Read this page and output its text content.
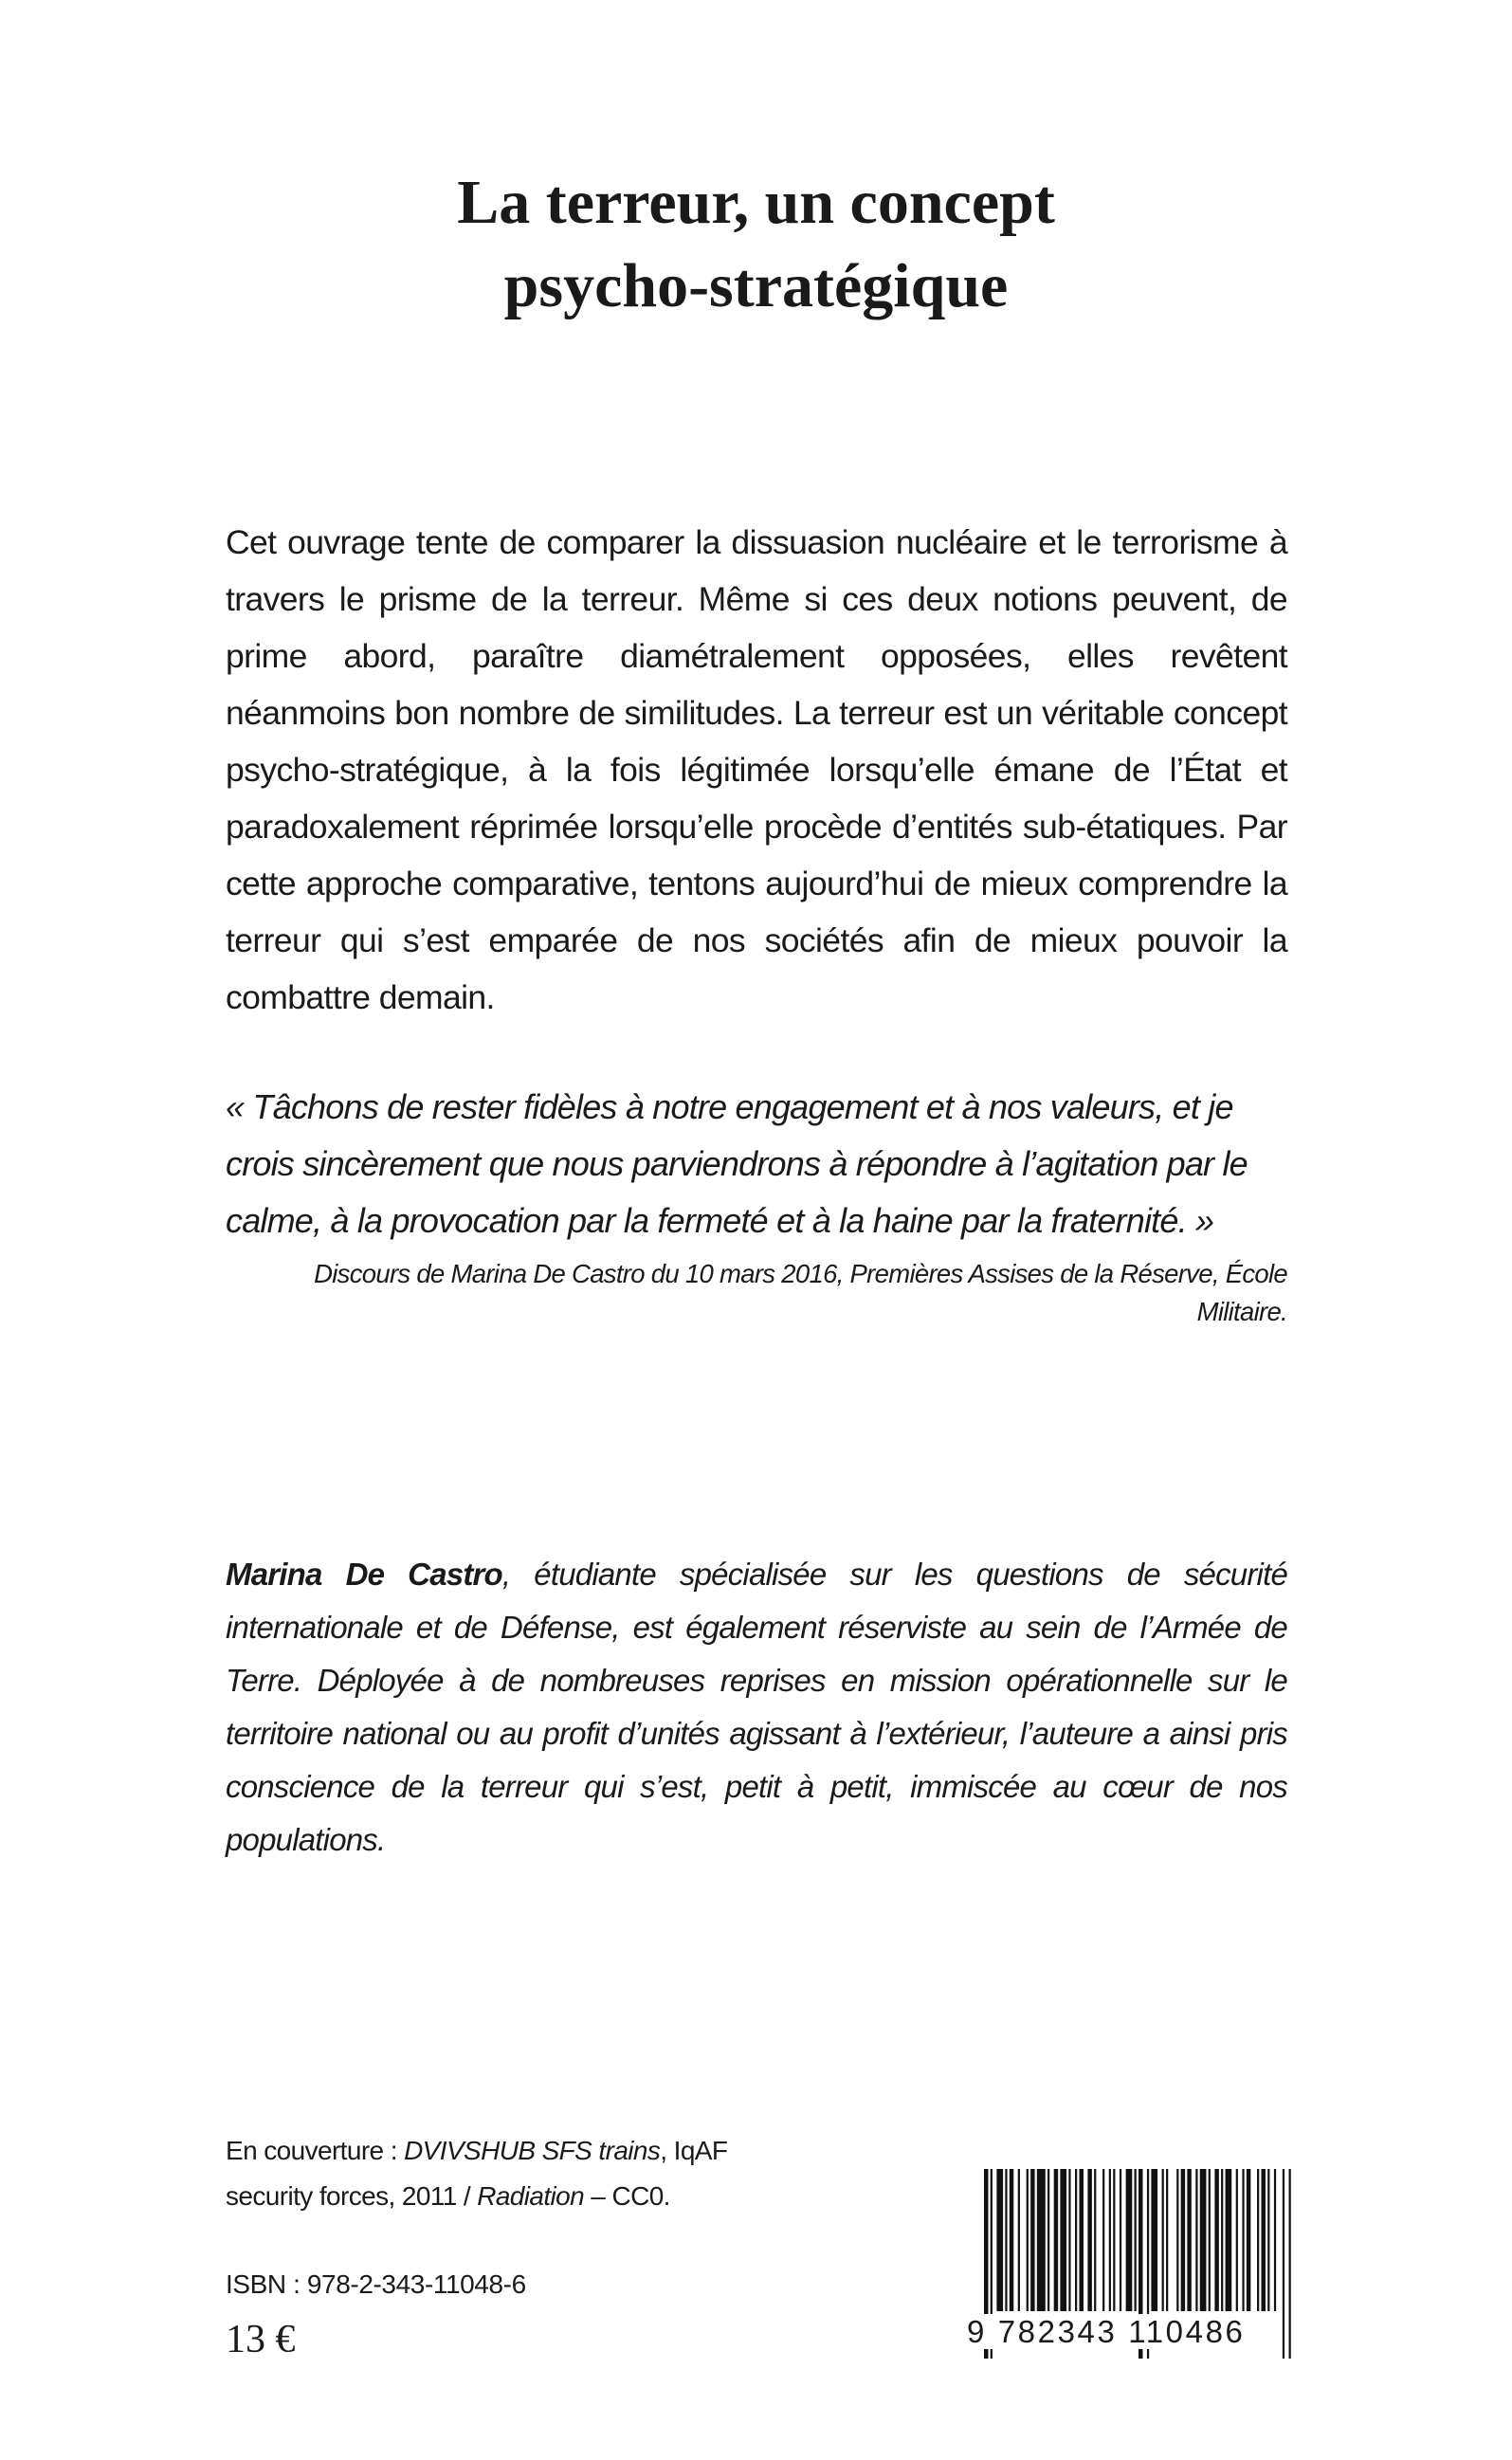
La terreur, un concept
psycho-stratégique

Cet ouvrage tente de comparer la dissuasion nucléaire et le terrorisme à travers le prisme de la terreur. Même si ces deux notions peuvent, de prime abord, paraître diamétralement opposées, elles revêtent néanmoins bon nombre de similitudes. La terreur est un véritable concept psycho-stratégique, à la fois légitimée lorsqu’elle émane de l’État et paradoxalement réprimée lorsqu’elle procède d’entités sub-étatiques. Par cette approche comparative, tentons aujourd’hui de mieux comprendre la terreur qui s’est emparée de nos sociétés afin de mieux pouvoir la combattre demain.

« Tâchons de rester fidèles à notre engagement et à nos valeurs, et je crois sincèrement que nous parviendrons à répondre à l’agitation par le calme, à la provocation par la fermeté et à la haine par la fraternité. »

Discours de Marina De Castro du 10 mars 2016, Premières Assises de la Réserve, École Militaire.

Marina De Castro, étudiante spécialisée sur les questions de sécurité internationale et de Défense, est également réserviste au sein de l’Armée de Terre. Déployée à de nombreuses reprises en mission opérationnelle sur le territoire national ou au profit d’unités agissant à l’extérieur, l’auteure a ainsi pris conscience de la terreur qui s’est, petit à petit, immiscée au cœur de nos populations.

En couverture : DVIVSHUB SFS trains, IqAF security forces, 2011 / Radiation – CC0.
ISBN : 978-2-343-11048-6
13 €	9 782343 110486
